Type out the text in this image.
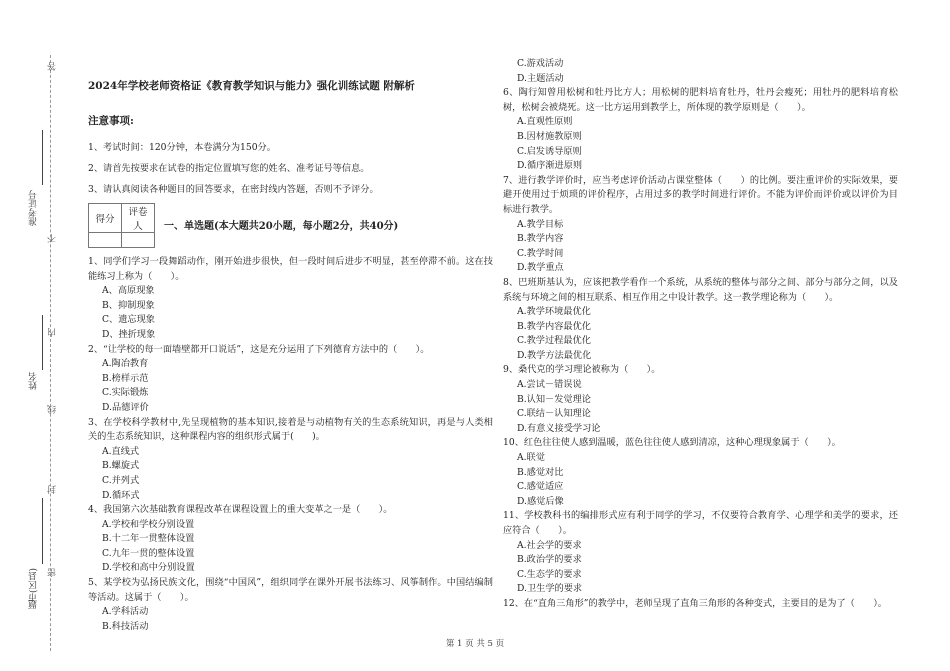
答
不
内
线
封
密
准考证号
姓名
市(区县)
题
2024年学校老师资格证《教育教学知识与能力》强化训练试题 附解析
注意事项:

1、考试时间：120分钟，本卷满分为150分。

2、请首先按要求在试卷的指定位置填写您的姓名、准考证号等信息。

3、请认真阅读各种题目的回答要求，在密封线内答题，否则不予评分。

得分	评卷人
	一、单选题(本大题共20小题，每小题2分，共40分)

1、同学们学习一段舞蹈动作，刚开始进步很快，但一段时间后进步不明显，甚至停滞不前。这在技能练习上称为（　　）。

A、高原现象

B、抑制现象

C、遗忘现象

D、挫折现象

2、“让学校的每一面墙壁都开口说话”，这是充分运用了下列德育方法中的（　　）。

A.陶冶教育

B.榜样示范

C.实际锻炼

D.品德评价

3、在学校科学教材中,先呈现植物的基本知识,接着是与动植物有关的生态系统知识，再是与人类相关的生态系统知识，这种课程内容的组织形式属于(　　)。

A.直线式

B.螺旋式

C.并列式

D.循环式

4、我国第六次基础教育课程改革在课程设置上的重大变革之一是（　　）。

A.学校和学校分别设置

B.十二年一贯整体设置

C.九年一贯的整体设置

D.学校和高中分别设置

5、某学校为弘扬民族文化，围绕“中国风”，组织同学在课外开展书法练习、风筝制作。中国结编制等活动。这属于（　　）。

A.学科活动

B.科技活动

C.游戏活动

D.主题活动

6、陶行知曾用松树和牡丹比方人；用松树的肥料培育牡丹，牡丹会瘦死；用牡丹的肥料培育松树，松树会被烧死。这一比方运用到教学上，所体现的教学原则是（　　）。

A.直观性原则

B.因材施教原则

C.启发诱导原则

D.循序渐进原则

7、进行教学评价时，应当考虑评价活动占课堂整体（　　）的比例。要注重评价的实际效果，要避开使用过于烦琐的评价程序，占用过多的教学时间进行评价。不能为评价而评价或以评价为目标进行教学。

A.教学目标

B.教学内容

C.教学时间

D.教学重点

8、巴班斯基认为，应该把教学看作一个系统，从系统的整体与部分之间、部分与部分之间，以及系统与环境之间的相互联系、相互作用之中设计教学。这一教学理论称为（　　）。

A.教学环境最优化

B.教学内容最优化

C.教学过程最优化

D.教学方法最优化

9、桑代克的学习理论被称为（　　）。

A.尝试－错误说

B.认知－发觉理论

C.联结－认知理论

D.有意义接受学习论

10、红色往往使人感到温暖，蓝色往往使人感到清凉，这种心理现象属于（　　）。

A.联觉

B.感觉对比

C.感觉适应

D.感觉后像

11、学校教科书的编排形式应有利于同学的学习，不仅要符合教育学、心理学和美学的要求，还应符合（　　）。

A.社会学的要求

B.政治学的要求

C.生态学的要求

D.卫生学的要求

12、在“直角三角形”的教学中，老师呈现了直角三角形的各种变式，主要目的是为了（　　）。

第 1 页 共 5 页
